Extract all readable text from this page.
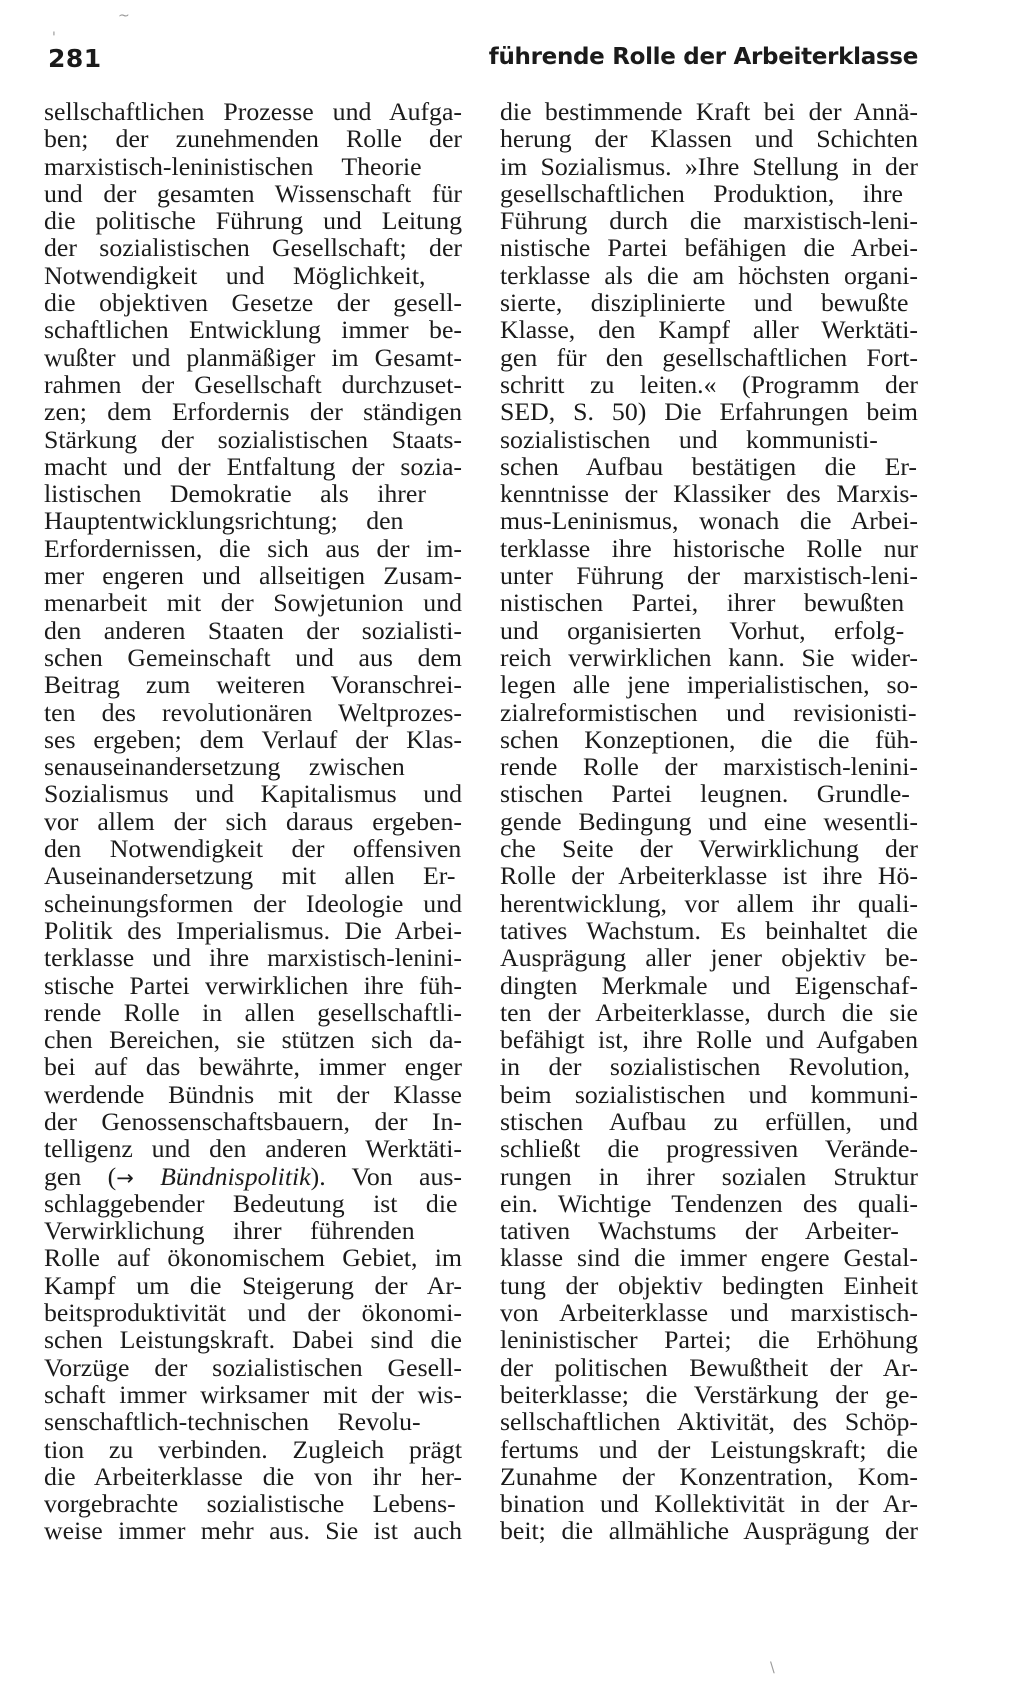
281	führende Rolle der Arbeiterklasse
sellschaftlichen Prozesse und Aufga-
ben; der zunehmenden Rolle der
marxistisch-leninistischen Theorie
und der gesamten Wissenschaft für
die politische Führung und Leitung
der sozialistischen Gesellschaft; der
Notwendigkeit und Möglichkeit,
die objektiven Gesetze der gesell-
schaftlichen Entwicklung immer be-
wußter und planmäßiger im Gesamt-
rahmen der Gesellschaft durchzuset-
zen; dem Erfordernis der ständigen
Stärkung der sozialistischen Staats-
macht und der Entfaltung der sozia-
listischen Demokratie als ihrer
Hauptentwicklungsrichtung; den
Erfordernissen, die sich aus der im-
mer engeren und allseitigen Zusam-
menarbeit mit der Sowjetunion und
den anderen Staaten der sozialisti-
schen Gemeinschaft und aus dem
Beitrag zum weiteren Voranschrei-
ten des revolutionären Weltprozes-
ses ergeben; dem Verlauf der Klas-
senauseinandersetzung zwischen
Sozialismus und Kapitalismus und
vor allem der sich daraus ergeben-
den Notwendigkeit der offensiven
Auseinandersetzung mit allen Er-
scheinungsformen der Ideologie und
Politik des Imperialismus. Die Arbei-
terklasse und ihre marxistisch-lenini-
stische Partei verwirklichen ihre füh-
rende Rolle in allen gesellschaftli-
chen Bereichen, sie stützen sich da-
bei auf das bewährte, immer enger
werdende Bündnis mit der Klasse
der Genossenschaftsbauern, der In-
telligenz und den anderen Werktäti-
gen (→ Bündnispolitik). Von aus-
schlaggebender Bedeutung ist die
Verwirklichung ihrer führenden
Rolle auf ökonomischem Gebiet, im
Kampf um die Steigerung der Ar-
beitsproduktivität und der ökonomi-
schen Leistungskraft. Dabei sind die
Vorzüge der sozialistischen Gesell-
schaft immer wirksamer mit der wis-
senschaftlich-technischen Revolu-
tion zu verbinden. Zugleich prägt
die Arbeiterklasse die von ihr her-
vorgebrachte sozialistische Lebens-
weise immer mehr aus. Sie ist auch
die bestimmende Kraft bei der Annä-
herung der Klassen und Schichten
im Sozialismus. »Ihre Stellung in der
gesellschaftlichen Produktion, ihre
Führung durch die marxistisch-leni-
nistische Partei befähigen die Arbei-
terklasse als die am höchsten organi-
sierte, disziplinierte und bewußte
Klasse, den Kampf aller Werktäti-
gen für den gesellschaftlichen Fort-
schritt zu leiten.« (Programm der
SED, S. 50) Die Erfahrungen beim
sozialistischen und kommunisti-
schen Aufbau bestätigen die Er-
kenntnisse der Klassiker des Marxis-
mus-Leninismus, wonach die Arbei-
terklasse ihre historische Rolle nur
unter Führung der marxistisch-leni-
nistischen Partei, ihrer bewußten
und organisierten Vorhut, erfolg-
reich verwirklichen kann. Sie wider-
legen alle jene imperialistischen, so-
zialreformistischen und revisionisti-
schen Konzeptionen, die die füh-
rende Rolle der marxistisch-lenini-
stischen Partei leugnen. Grundle-
gende Bedingung und eine wesentli-
che Seite der Verwirklichung der
Rolle der Arbeiterklasse ist ihre Hö-
herentwicklung, vor allem ihr quali-
tatives Wachstum. Es beinhaltet die
Ausprägung aller jener objektiv be-
dingten Merkmale und Eigenschaf-
ten der Arbeiterklasse, durch die sie
befähigt ist, ihre Rolle und Aufgaben
in der sozialistischen Revolution,
beim sozialistischen und kommuni-
stischen Aufbau zu erfüllen, und
schließt die progressiven Verände-
rungen in ihrer sozialen Struktur
ein. Wichtige Tendenzen des quali-
tativen Wachstums der Arbeiter-
klasse sind die immer engere Gestal-
tung der objektiv bedingten Einheit
von Arbeiterklasse und marxistisch-
leninistischer Partei; die Erhöhung
der politischen Bewußtheit der Ar-
beiterklasse; die Verstärkung der ge-
sellschaftlichen Aktivität, des Schöp-
fertums und der Leistungskraft; die
Zunahme der Konzentration, Kom-
bination und Kollektivität in der Ar-
beit; die allmähliche Ausprägung der
~
'
\
